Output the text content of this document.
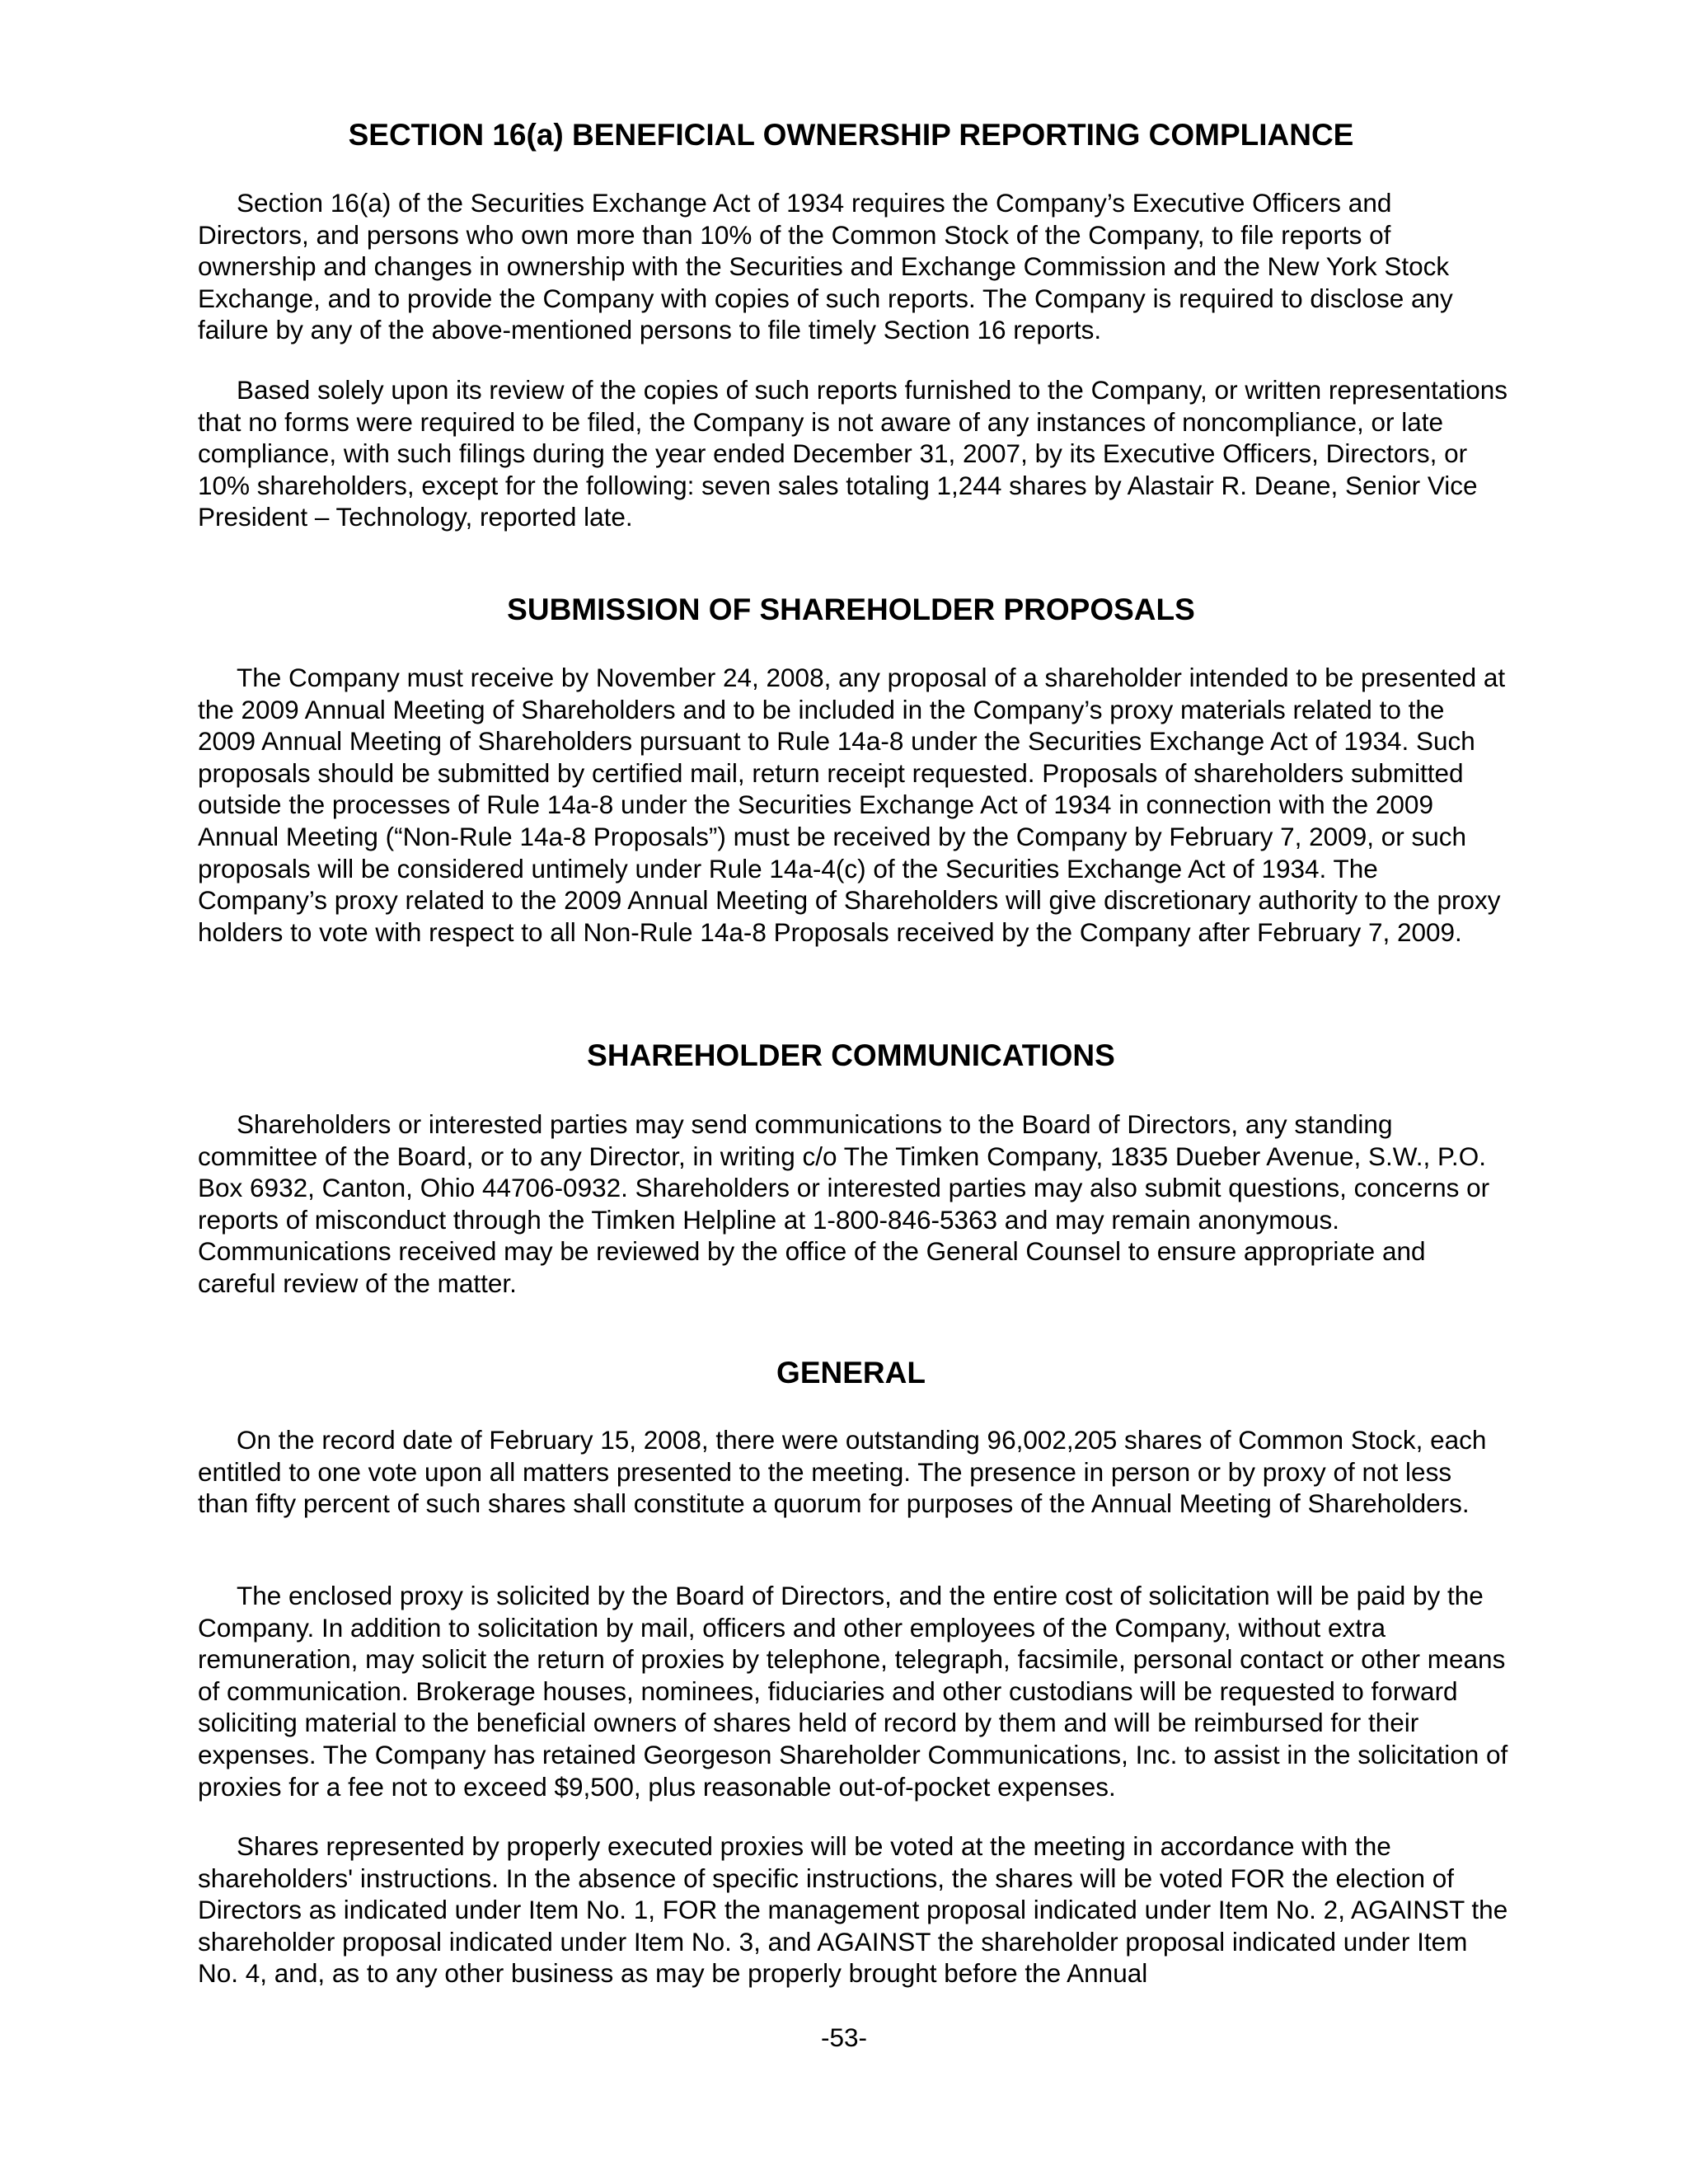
SECTION 16(a) BENEFICIAL OWNERSHIP REPORTING COMPLIANCE

Section 16(a) of the Securities Exchange Act of 1934 requires the Company’s Executive Officers and Directors, and persons who own more than 10% of the Common Stock of the Company, to file reports of ownership and changes in ownership with the Securities and Exchange Commission and the New York Stock Exchange, and to provide the Company with copies of such reports. The Company is required to disclose any failure by any of the above-mentioned persons to file timely Section 16 reports.

Based solely upon its review of the copies of such reports furnished to the Company, or written representations that no forms were required to be filed, the Company is not aware of any instances of noncompliance, or late compliance, with such filings during the year ended December 31, 2007, by its Executive Officers, Directors, or 10% shareholders, except for the following: seven sales totaling 1,244 shares by Alastair R. Deane, Senior Vice President – Technology, reported late.

SUBMISSION OF SHAREHOLDER PROPOSALS

The Company must receive by November 24, 2008, any proposal of a shareholder intended to be presented at the 2009 Annual Meeting of Shareholders and to be included in the Company’s proxy materials related to the 2009 Annual Meeting of Shareholders pursuant to Rule 14a-8 under the Securities Exchange Act of 1934. Such proposals should be submitted by certified mail, return receipt requested. Proposals of shareholders submitted outside the processes of Rule 14a-8 under the Securities Exchange Act of 1934 in connection with the 2009 Annual Meeting (“Non-Rule 14a-8 Proposals”) must be received by the Company by February 7, 2009, or such proposals will be considered untimely under Rule 14a-4(c) of the Securities Exchange Act of 1934. The Company’s proxy related to the 2009 Annual Meeting of Shareholders will give discretionary authority to the proxy holders to vote with respect to all Non-Rule 14a-8 Proposals received by the Company after February 7, 2009.

SHAREHOLDER COMMUNICATIONS

Shareholders or interested parties may send communications to the Board of Directors, any standing committee of the Board, or to any Director, in writing c/o The Timken Company, 1835 Dueber Avenue, S.W., P.O. Box 6932, Canton, Ohio 44706-0932. Shareholders or interested parties may also submit questions, concerns or reports of misconduct through the Timken Helpline at 1-800-846-5363 and may remain anonymous. Communications received may be reviewed by the office of the General Counsel to ensure appropriate and careful review of the matter.

GENERAL

On the record date of February 15, 2008, there were outstanding 96,002,205 shares of Common Stock, each entitled to one vote upon all matters presented to the meeting. The presence in person or by proxy of not less than fifty percent of such shares shall constitute a quorum for purposes of the Annual Meeting of Shareholders.

The enclosed proxy is solicited by the Board of Directors, and the entire cost of solicitation will be paid by the Company. In addition to solicitation by mail, officers and other employees of the Company, without extra remuneration, may solicit the return of proxies by telephone, telegraph, facsimile, personal contact or other means of communication. Brokerage houses, nominees, fiduciaries and other custodians will be requested to forward soliciting material to the beneficial owners of shares held of record by them and will be reimbursed for their expenses. The Company has retained Georgeson Shareholder Communications, Inc. to assist in the solicitation of proxies for a fee not to exceed $9,500, plus reasonable out-of-pocket expenses.

Shares represented by properly executed proxies will be voted at the meeting in accordance with the shareholders' instructions. In the absence of specific instructions, the shares will be voted FOR the election of Directors as indicated under Item No. 1, FOR the management proposal indicated under Item No. 2, AGAINST the shareholder proposal indicated under Item No. 3, and AGAINST the shareholder proposal indicated under Item No. 4, and, as to any other business as may be properly brought before the Annual

-53-
